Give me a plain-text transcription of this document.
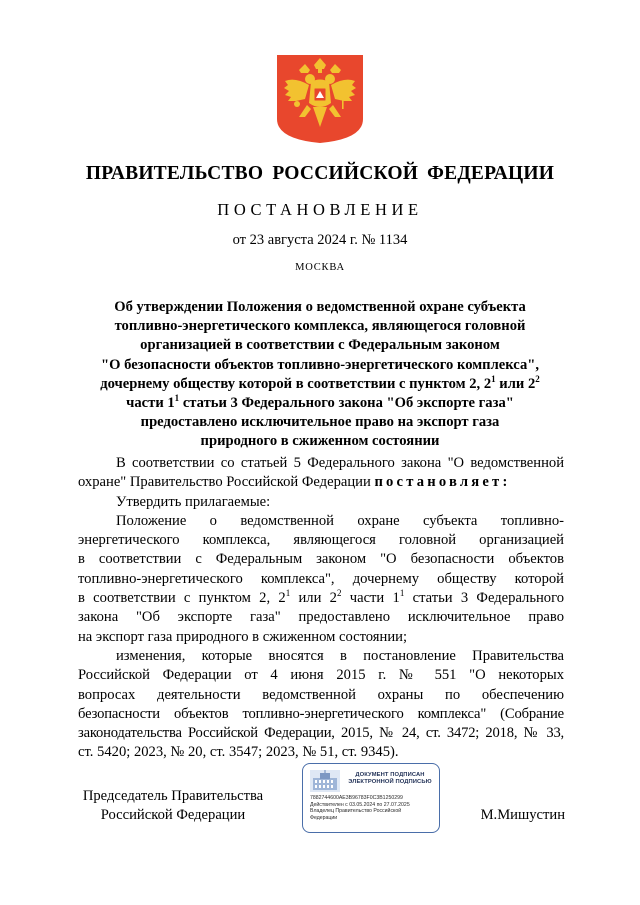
ПРАВИТЕЛЬСТВО РОССИЙСКОЙ ФЕДЕРАЦИИ
ПОСТАНОВЛЕНИЕ
от 23 августа 2024 г. № 1134
МОСКВА
Об утверждении Положения о ведомственной охране субъекта
топливно-энергетического комплекса, являющегося головной
организацией в соответствии с Федеральным законом
"О безопасности объектов топливно-энергетического комплекса",
дочернему обществу которой в соответствии с пунктом 2, $2^1$ или $2^2$
части $1^1$ статьи 3 Федерального закона "Об экспорте газа"
предоставлено исключительное право на экспорт газа
природного в сжиженном состоянии
В соответствии со статьей 5 Федерального закона "О ведомственной
охране" Правительство Российской Федерации постановляет:
Утвердить прилагаемые:
Положение о ведомственной охране субъекта топливно-
энергетического комплекса, являющегося головной организацией
в соответствии с Федеральным законом "О безопасности объектов
топливно-энергетического комплекса", дочернему обществу которой
в соответствии с пунктом 2, $2^1$ или $2^2$ части $1^1$ статьи 3 Федерального
закона "Об экспорте газа" предоставлено исключительное право
на экспорт газа природного в сжиженном состоянии;
изменения, которые вносятся в постановление Правительства
Российской Федерации от 4 июня 2015 г. № 551 "О некоторых
вопросах деятельности ведомственной охраны по обеспечению
безопасности объектов топливно-энергетического комплекса" (Собрание
законодательства Российской Федерации, 2015, № 24, ст. 3472; 2018, № 33,
ст. 5420; 2023, № 20, ст. 3547; 2023, № 51, ст. 9345).
Председатель Правительства
Российской Федерации
ДОКУМЕНТ ПОДПИСАН
ЭЛЕКТРОННОЙ ПОДПИСЬЮ
7882744600AE3B96783F0C3B1250299
Действителен с 03.05.2024 по 27.07.2025
Владелец Правительство Российской
Федерации	М.Мишустин
